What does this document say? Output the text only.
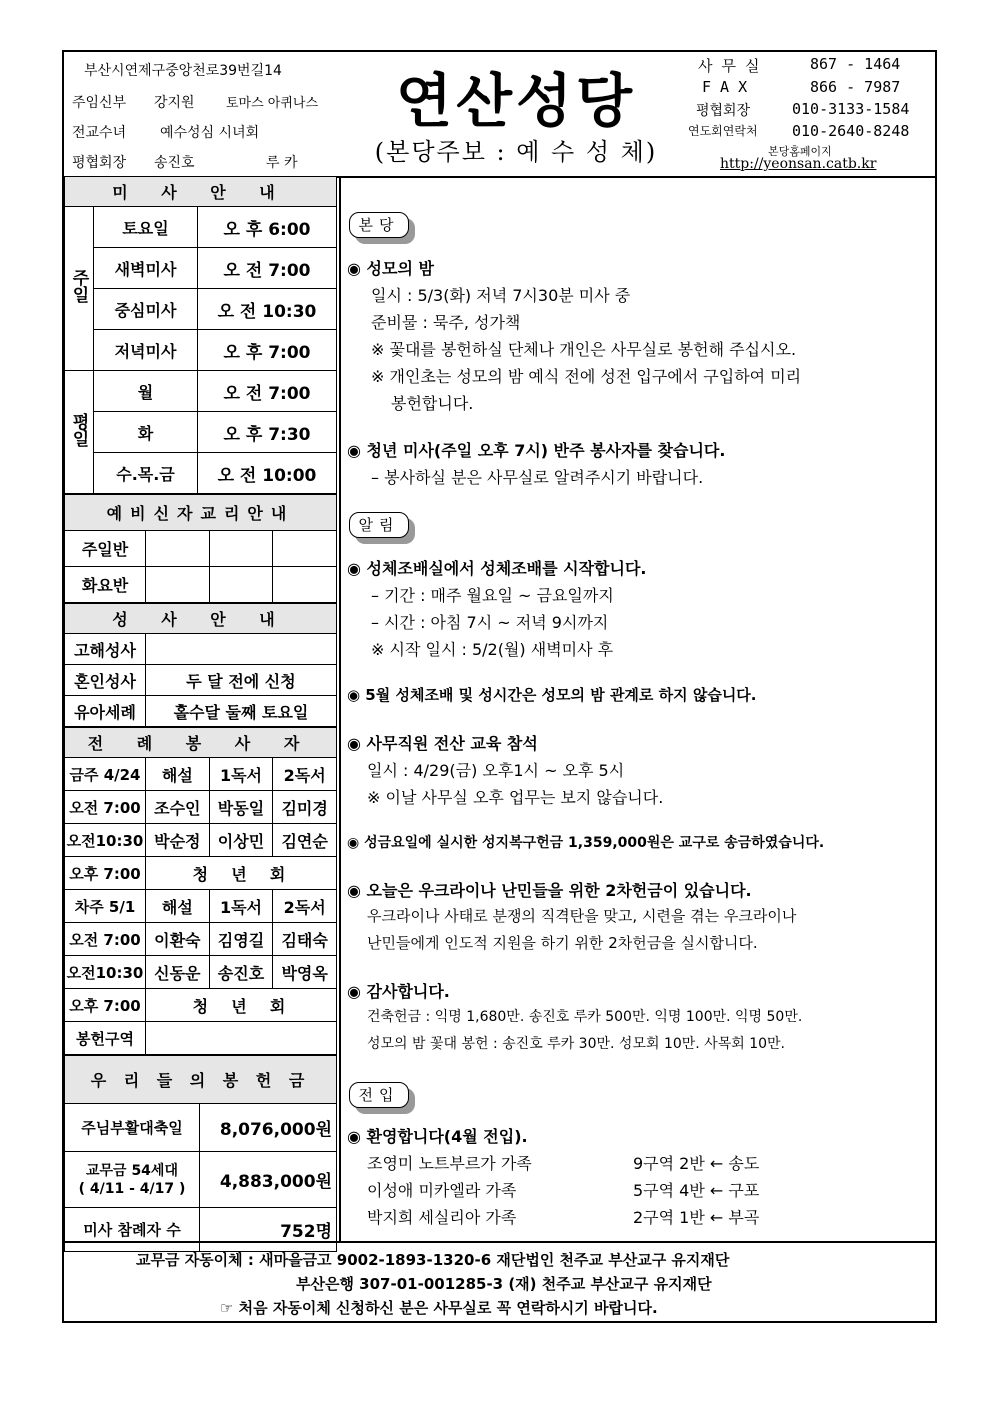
부산시연제구중앙천로39번길14
주임신부 강지원 토마스 아퀴나스
전교수녀 예수성심 시녀회
평협회장 송진호	루 카
연산성당
(본당주보 : 예 수 성 체)
사 무 실	867 - 1464
F A X	866 - 7987
평협회장	010-3133-1584
연도회연락처 010-2640-8248
본당홈페이지
http://yeonsan.catb.kr
미 사 안 내		
주일	토요일	오 후 6:00
	새벽미사	오 전 7:00
	중심미사	오 전 10:30
	저녁미사	오 후 7:00
평일	월	오 전 7:00
	화	오 후 7:30
	수.목.금	오 전 10:00
예비신자교리안내			
주일반			
화요반			
성 사 안 내	
고해성사	
혼인성사	두 달 전에 신청
유아세례	홀수달 둘째 토요일
전 례 봉 사 자			
금주 4/24	해설	1독서	2독서
오전 7:00	조수인	박동일	김미경
오전10:30	박순정	이상민	김연순
오후 7:00	청  년  회		
차주 5/1	해설	1독서	2독서
오전 7:00	이환숙	김영길	김태숙
오전10:30	신동운	송진호	박영옥
오후 7:00	청  년  회		
봉헌구역			
우 리 들 의 봉 헌 금	
주님부활대축일	8,076,000원
교무금 54세대
( 4/11 - 4/17 )	4,883,000원
미사 참례자 수	752명
본당
◉ 성모의 밤
일시 : 5/3(화) 저녁 7시30분 미사 중
준비물 : 묵주, 성가책
※ 꽃대를 봉헌하실 단체나 개인은 사무실로 봉헌해 주십시오.
※ 개인초는 성모의 밤 예식 전에 성전 입구에서 구입하여 미리
봉헌합니다.
◉ 청년 미사(주일 오후 7시) 반주 봉사자를 찾습니다.
– 봉사하실 분은 사무실로 알려주시기 바랍니다.
알림
◉ 성체조배실에서 성체조배를 시작합니다.
– 기간 : 매주 월요일 ~ 금요일까지
– 시간 : 아침 7시 ~ 저녁 9시까지
※ 시작 일시 : 5/2(월) 새벽미사 후
◉ 5월 성체조배 및 성시간은 성모의 밤 관계로 하지 않습니다.
◉ 사무직원 전산 교육 참석
일시 : 4/29(금) 오후1시 ~ 오후 5시
※ 이날 사무실 오후 업무는 보지 않습니다.
◉ 성금요일에 실시한 성지복구헌금 1,359,000원은 교구로 송금하였습니다.
◉ 오늘은 우크라이나 난민들을 위한 2차헌금이 있습니다.
우크라이나 사태로 분쟁의 직격탄을 맞고, 시련을 겪는 우크라이나
난민들에게 인도적 지원을 하기 위한 2차헌금을 실시합니다.
◉ 감사합니다.
건축헌금 : 익명 1,680만. 송진호 루카 500만. 익명 100만. 익명 50만.
성모의 밤 꽃대 봉헌 : 송진호 루카 30만. 성모회 10만. 사목회 10만.
전입
◉ 환영합니다(4월 전입).
조영미 노트부르가 가족	9구역 2반 ← 송도
이성애 미카엘라 가족	5구역 4반 ← 구포
박지희 세실리아 가족	2구역 1반 ← 부곡
교무금 자동이체 : 새마을금고 9002-1893-1320-6 재단법인 천주교 부산교구 유지재단
부산은행 307-01-001285-3 (재) 천주교 부산교구 유지재단
☞ 처음 자동이체 신청하신 분은 사무실로 꼭 연락하시기 바랍니다.
